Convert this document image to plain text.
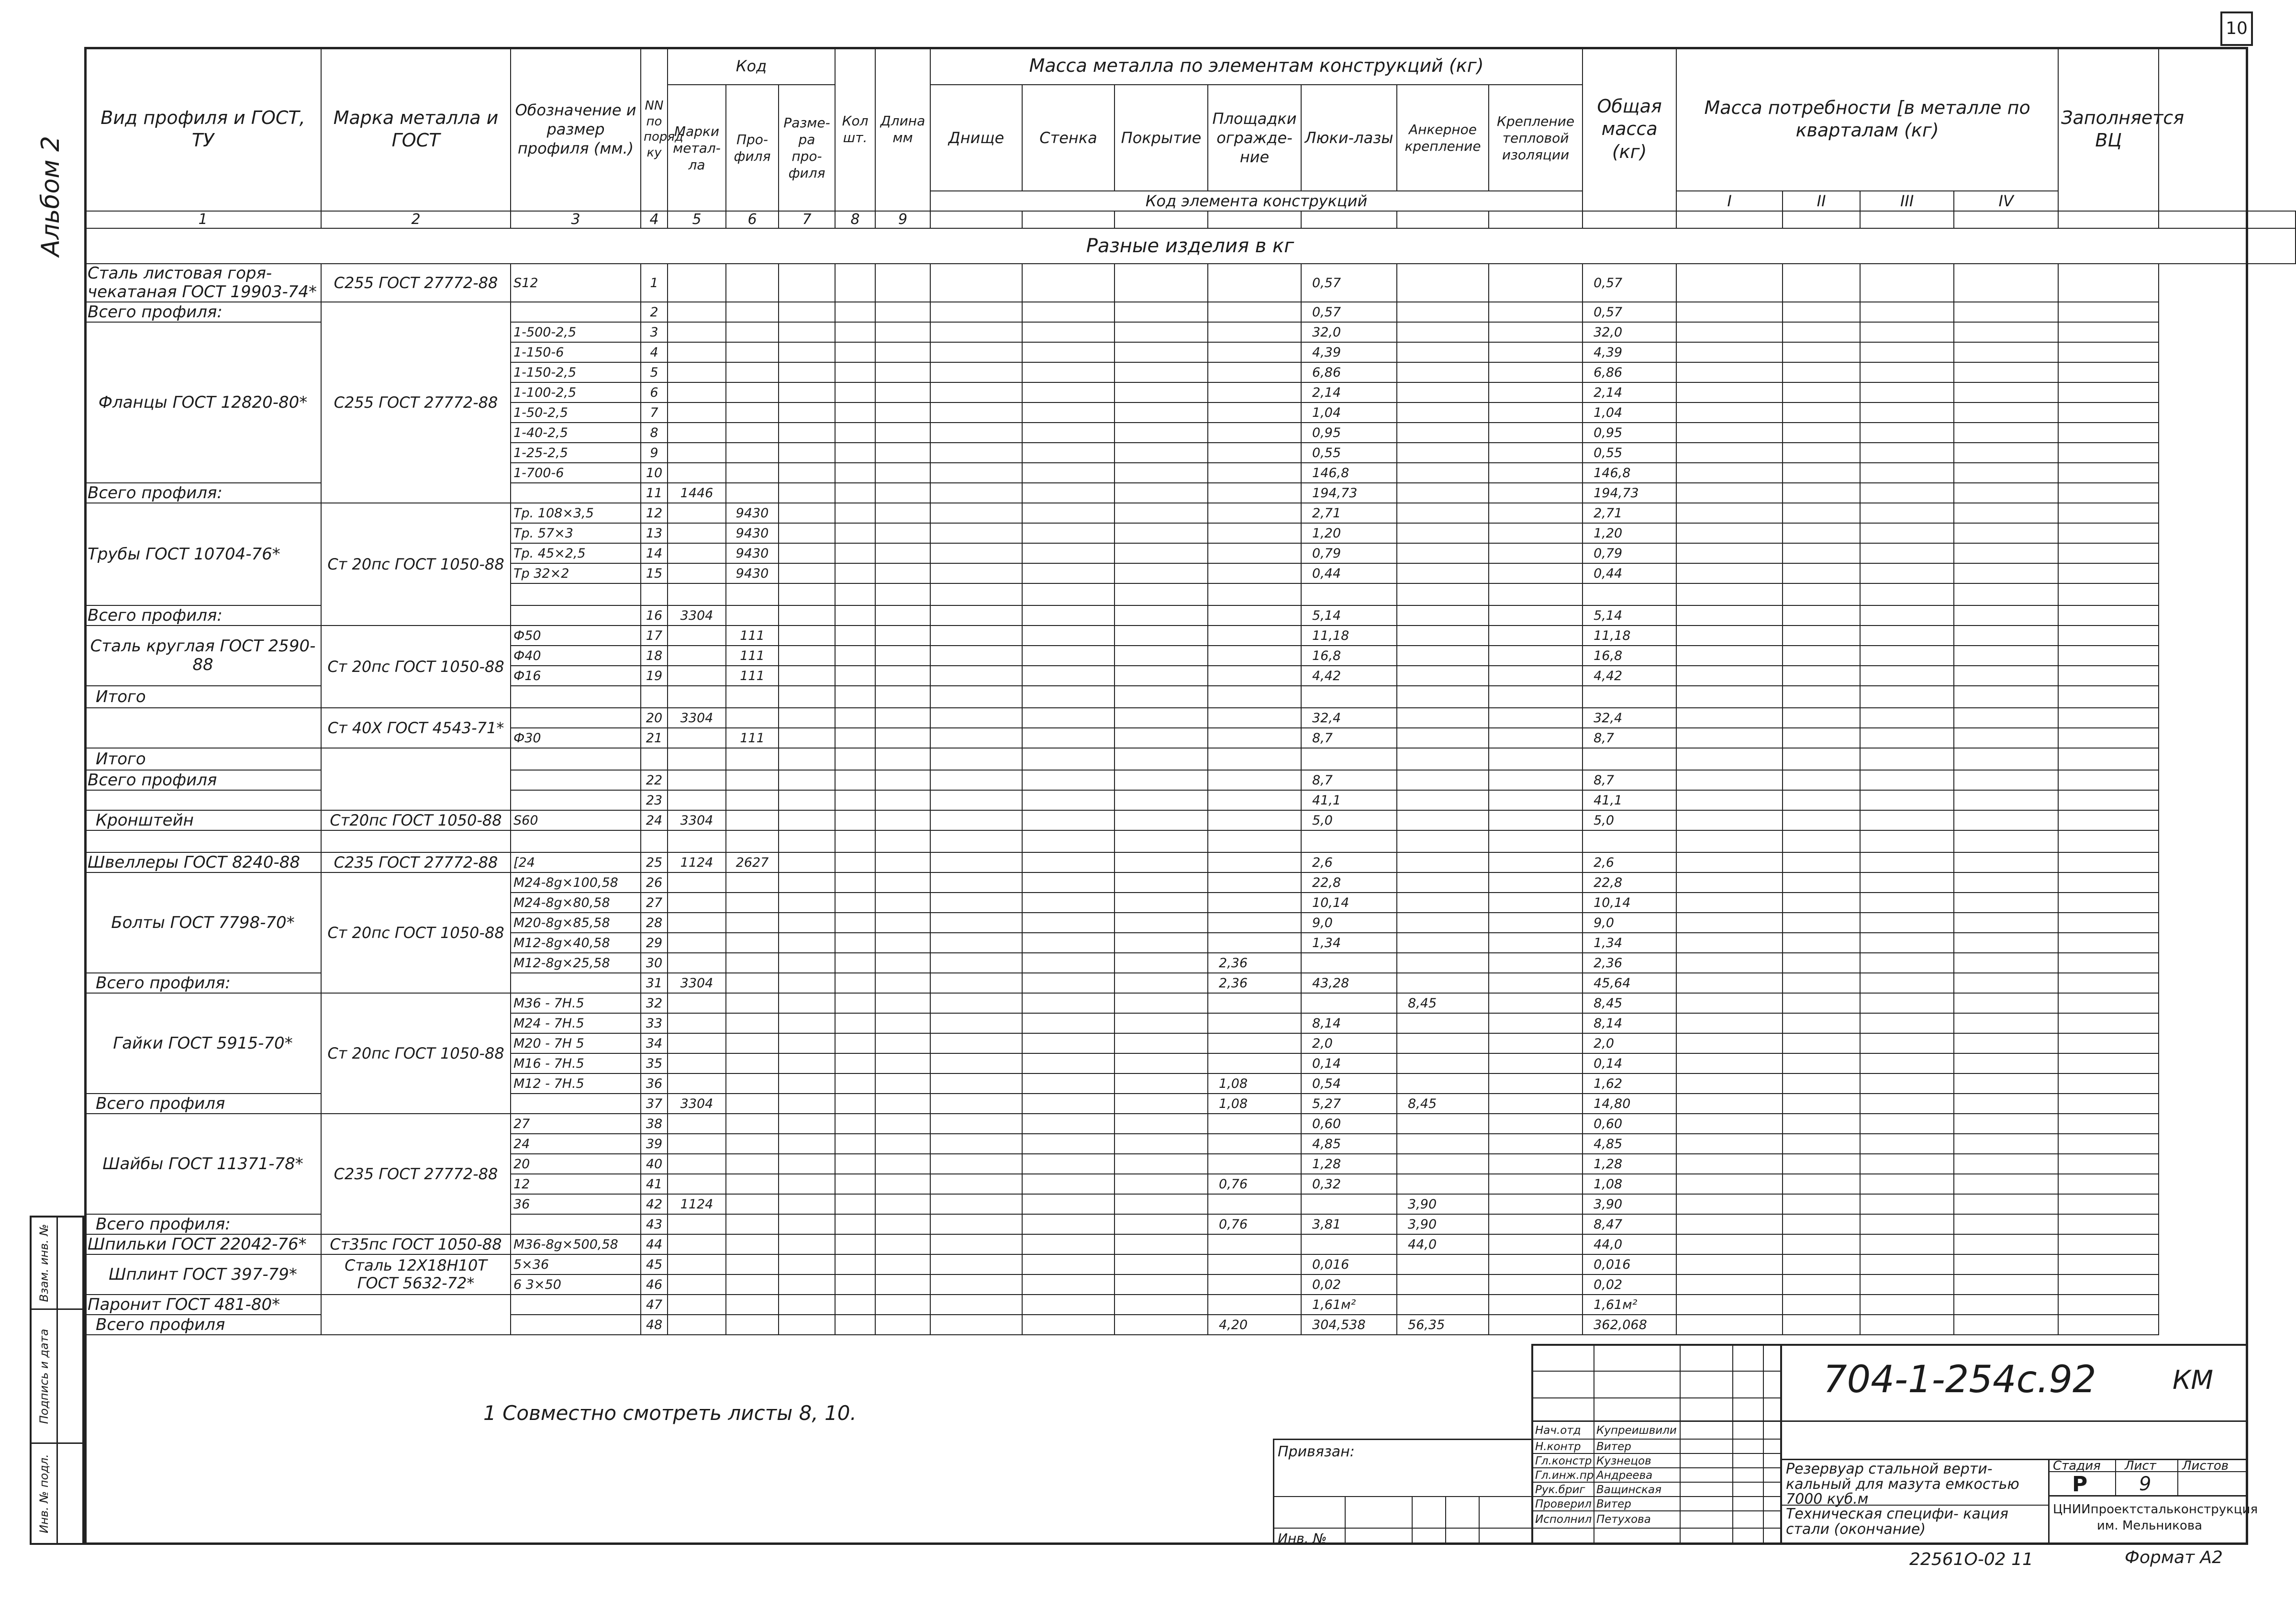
10
Альбом 2
Инв. № подл.
Подпись и дата
Взам. инв. №
Вид профиля и ГОСТ, ТУ	Марка металла и ГОСТ	Обозначение и размер профиля (мм.)	NN по поряд ку	Код			Кол шт.	Длина мм	Масса металла по элементам конструкций (кг)							Общая масса (кг)	Масса потребности [в металле по кварталам (кг)				Заполняется ВЦ	
				Марки метал- ла	Про- филя	Разме- ра про- филя			Днище	Стенка	Покрытие	Площадки огражде- ние	Люки-лазы	Анкерное крепление	Крепление тепловой изоляции							
									Код элемента конструкций								I	II	III	IV		
1	2	3	4	5	6	7	8	9														
Разные изделия в кг																						
Сталь листовая горя- чекатаная ГОСТ 19903-74*	С255 ГОСТ 27772-88	S12	1										0,57			0,57						
Всего профиля:	С255 ГОСТ 27772-88		2										0,57			0,57						
Фланцы ГОСТ 12820-80*		1-500-2,5	3										32,0			32,0						
		1-150-6	4										4,39			4,39						
		1-150-2,5	5										6,86			6,86						
		1-100-2,5	6										2,14			2,14						
		1-50-2,5	7										1,04			1,04						
		1-40-2,5	8										0,95			0,95						
		1-25-2,5	9										0,55			0,55						
		1-700-6	10										146,8			146,8						
Всего профиля:			11	1446									194,73			194,73						
Трубы ГОСТ 10704-76*	Ст 20пс ГОСТ 1050-88	Тр. 108×3,5	12		9430								2,71			2,71						
		Тр. 57×3	13		9430								1,20			1,20						
		Тр. 45×2,5	14		9430								0,79			0,79						
		Тр 32×2	15		9430								0,44			0,44						

Всего профиля:			16	3304									5,14			5,14						
Сталь круглая ГОСТ 2590-88	Ст 20пс ГОСТ 1050-88	Ф50	17		111								11,18			11,18						
		Ф40	18		111								16,8			16,8						
		Ф16	19		111								4,42			4,42						
Итого																						
	Ст 40Х ГОСТ 4543-71*		20	3304									32,4			32,4						
		Ф30	21		111								8,7			8,7						
Итого																						
Всего профиля			22										8,7			8,7						
			23										41,1			41,1						
Кронштейн	Ст20пс ГОСТ 1050-88	S60	24	3304									5,0			5,0						

Швеллеры ГОСТ 8240-88	С235 ГОСТ 27772-88	[24	25	1124	2627								2,6			2,6						
Болты ГОСТ 7798-70*	Ст 20пс ГОСТ 1050-88	М24-8g×100,58	26										22,8			22,8						
		М24-8g×80,58	27										10,14			10,14						
		М20-8g×85,58	28										9,0			9,0						
		М12-8g×40,58	29										1,34			1,34						
		М12-8g×25,58	30									2,36				2,36						
Всего профиля:			31	3304								2,36	43,28			45,64						
Гайки ГОСТ 5915-70*	Ст 20пс ГОСТ 1050-88	М36 - 7Н.5	32											8,45		8,45						
		М24 - 7Н.5	33										8,14			8,14						
		М20 - 7Н 5	34										2,0			2,0						
		М16 - 7Н.5	35										0,14			0,14						
		М12 - 7Н.5	36									1,08	0,54			1,62						
Всего профиля			37	3304								1,08	5,27	8,45		14,80						
Шайбы ГОСТ 11371-78*	С235 ГОСТ 27772-88	27	38										0,60			0,60						
		24	39										4,85			4,85						
		20	40										1,28			1,28						
		12	41									0,76	0,32			1,08						
		36	42	1124										3,90		3,90						
Всего профиля:			43									0,76	3,81	3,90		8,47						
Шпильки ГОСТ 22042-76*	Ст35пс ГОСТ 1050-88	М36-8g×500,58	44											44,0		44,0						
Шплинт ГОСТ 397-79*	Сталь 12Х18Н10Т ГОСТ 5632-72*	5×36	45										0,016			0,016						
		6 3×50	46										0,02			0,02						
Паронит ГОСТ 481-80*			47										1,61м²			1,61м²						
Всего профиля			48									4,20	304,538	56,35		362,068						
1 Совместно смотреть листы 8, 10.
704-1-254с.92	КМ
Привязан:
Инв. №
Нач.отд
Н.контр
Гл.констр
Гл.инж.пр
Рук.бриг
Проверил
Исполнил
Купреишвили
Витер
Кузнецов
Андреева
Ващинская
Витер
Петухова
Резервуар стальной верти- кальный для мазута емкостью 7000 куб.м
Техническая специфи- кация стали (окончание)
Стадия Лист Листов
Р	9
ЦНИИпроектстальконструкция им. Мельникова
22561О-02 11	Формат А2
